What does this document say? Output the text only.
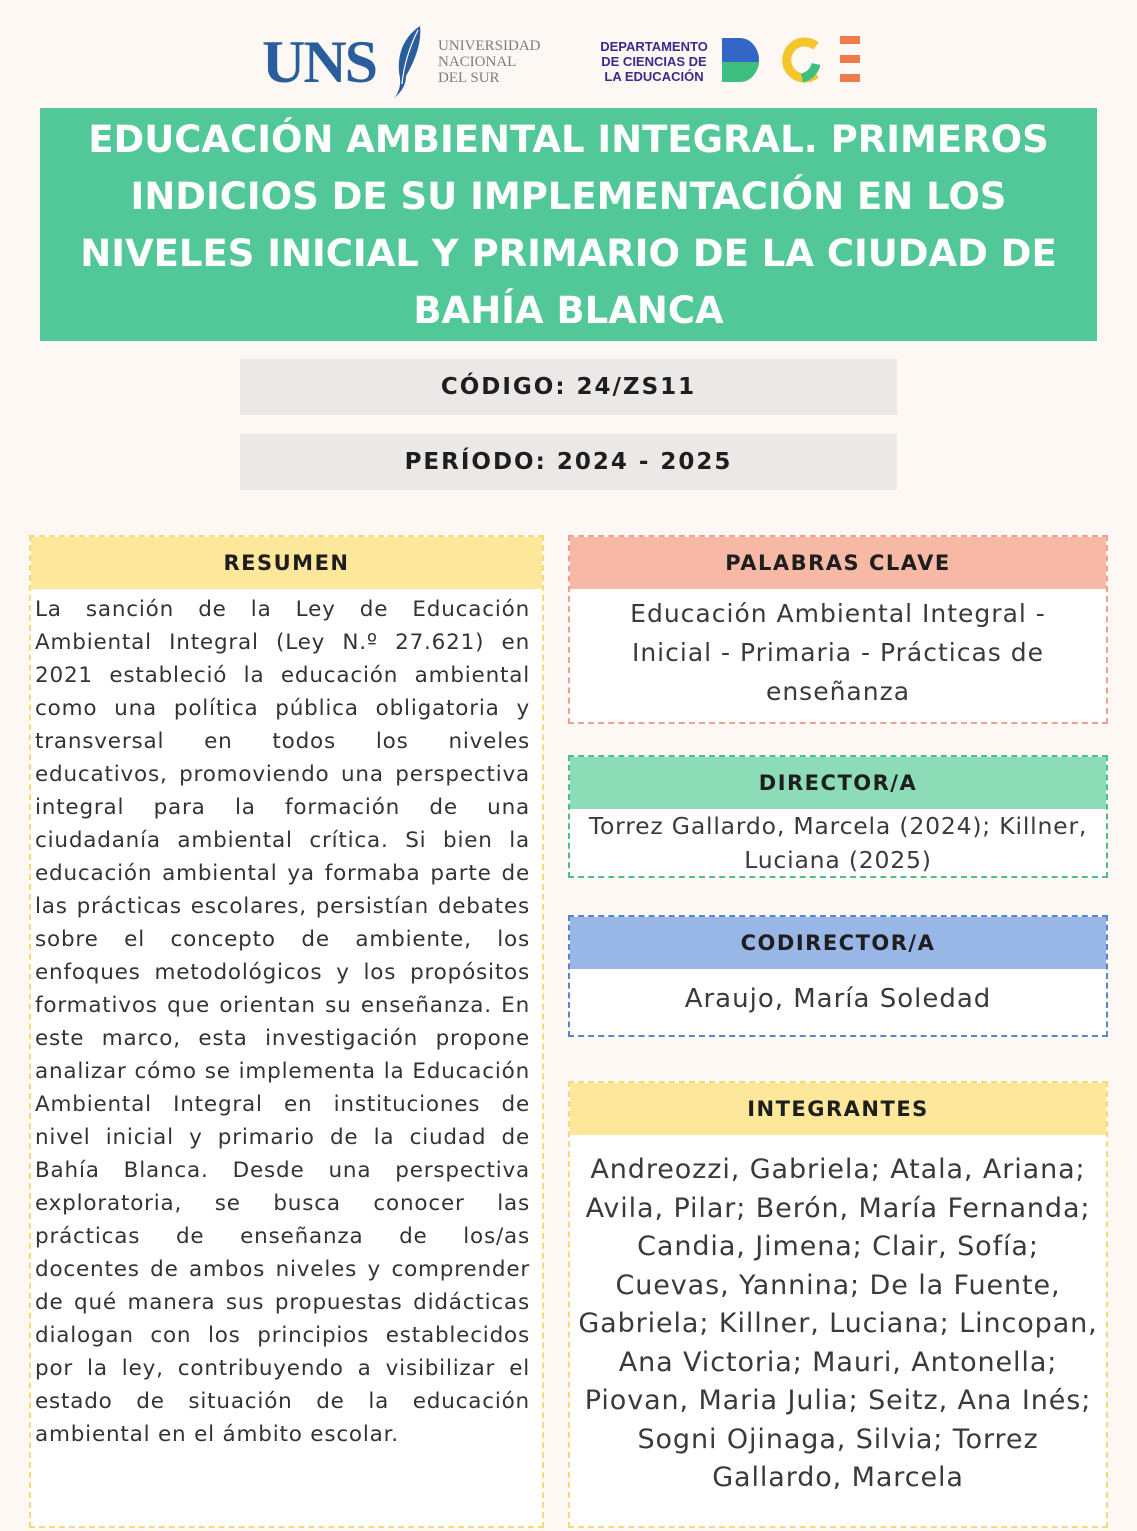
UNS	UNIVERSIDAD
NACIONAL
DEL SUR
DEPARTAMENTO
DE CIENCIAS DE
LA EDUCACIÓN
EDUCACIÓN AMBIENTAL INTEGRAL. PRIMEROS INDICIOS DE SU IMPLEMENTACIÓN EN LOS NIVELES INICIAL Y PRIMARIO DE LA CIUDAD DE BAHÍA BLANCA
CÓDIGO: 24/ZS11
PERÍODO: 2024 - 2025
RESUMEN
La sanción de la Ley de Educación Ambiental Integral (Ley N.º 27.621) en 2021 estableció la educación ambiental como una política pública obligatoria y transversal en todos los niveles educativos, promoviendo una perspectiva integral para la formación de una ciudadanía ambiental crítica. Si bien la educación ambiental ya formaba parte de las prácticas escolares, persistían debates sobre el concepto de ambiente, los enfoques metodológicos y los propósitos formativos que orientan su enseñanza. En este marco, esta investigación propone analizar cómo se implementa la Educación Ambiental Integral en instituciones de nivel inicial y primario de la ciudad de Bahía Blanca. Desde una perspectiva exploratoria, se busca conocer las prácticas de enseñanza de los/as docentes de ambos niveles y comprender de qué manera sus propuestas didácticas dialogan con los principios establecidos por la ley, contribuyendo a visibilizar el estado de situación de la educación ambiental en el ámbito escolar.
PALABRAS CLAVE
Educación Ambiental Integral - Inicial - Primaria - Prácticas de enseñanza
DIRECTOR/A
Torrez Gallardo, Marcela (2024); Killner, Luciana (2025)
CODIRECTOR/A
Araujo, María Soledad
INTEGRANTES
Andreozzi, Gabriela; Atala, Ariana; Avila, Pilar; Berón, María Fernanda; Candia, Jimena; Clair, Sofía; Cuevas, Yannina; De la Fuente, Gabriela; Killner, Luciana; Lincopan, Ana Victoria; Mauri, Antonella; Piovan, Maria Julia; Seitz, Ana Inés; Sogni Ojinaga, Silvia; Torrez Gallardo, Marcela
